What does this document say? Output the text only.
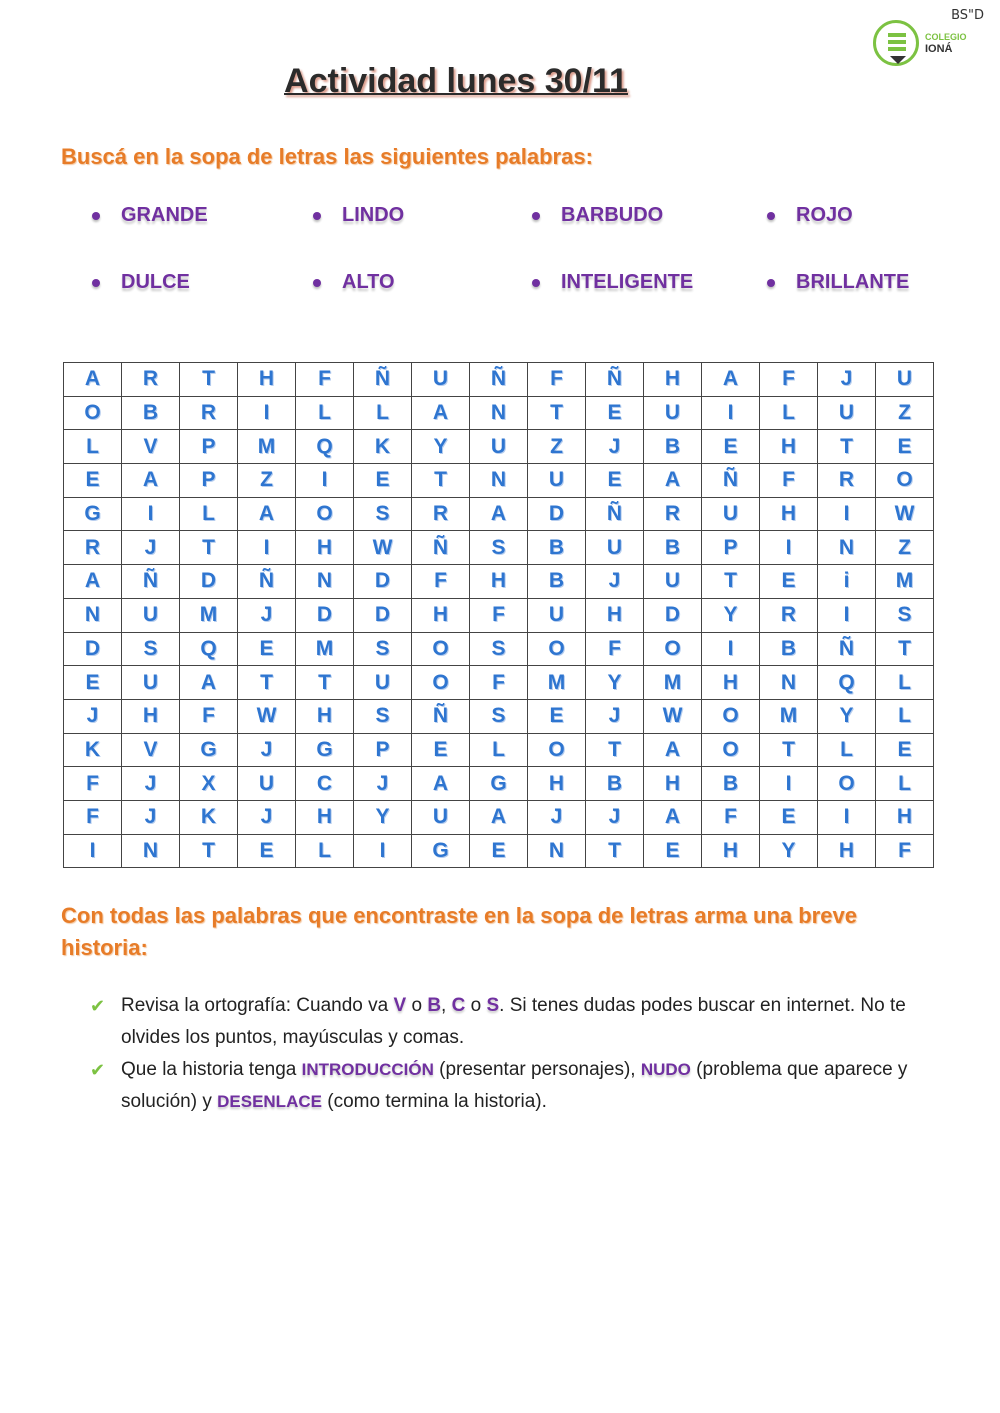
BS"D
COLEGIO
IONÁ
Actividad lunes 30/11
Buscá en la sopa de letras las siguientes palabras:
GRANDE	LINDO	BARBUDO	ROJO
DULCE	ALTO	INTELIGENTE	BRILLANTE
A	R	T	H	F	Ñ	U	Ñ	F	Ñ	H	A	F	J	U
O	B	R	I	L	L	A	N	T	E	U	I	L	U	Z
L	V	P	M	Q	K	Y	U	Z	J	B	E	H	T	E
E	A	P	Z	I	E	T	N	U	E	A	Ñ	F	R	O
G	I	L	A	O	S	R	A	D	Ñ	R	U	H	I	W
R	J	T	I	H	W	Ñ	S	B	U	B	P	I	N	Z
A	Ñ	D	Ñ	N	D	F	H	B	J	U	T	E	i	M
N	U	M	J	D	D	H	F	U	H	D	Y	R	I	S
D	S	Q	E	M	S	O	S	O	F	O	I	B	Ñ	T
E	U	A	T	T	U	O	F	M	Y	M	H	N	Q	L
J	H	F	W	H	S	Ñ	S	E	J	W	O	M	Y	L
K	V	G	J	G	P	E	L	O	T	A	O	T	L	E
F	J	X	U	C	J	A	G	H	B	H	B	I	O	L
F	J	K	J	H	Y	U	A	J	J	A	F	E	I	H
I	N	T	E	L	I	G	E	N	T	E	H	Y	H	F
Con todas las palabras que encontraste en la sopa de letras arma una breve historia:
✔ Revisa la ortografía: Cuando va V o B, C o S. Si tenes dudas podes buscar en internet. No te olvides los puntos, mayúsculas y comas.
✔ Que la historia tenga INTRODUCCIÓN (presentar personajes), NUDO (problema que aparece y solución) y DESENLACE (como termina la historia).
